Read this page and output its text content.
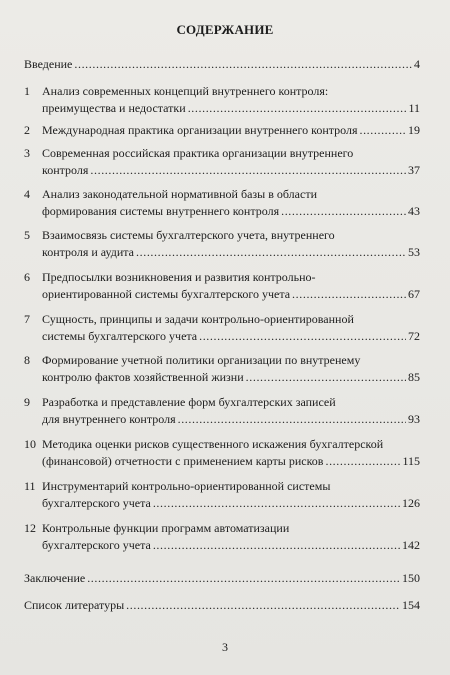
СОДЕРЖАНИЕ
Введение . . .	4
1 Анализ современных концепций внутреннего контроля:
преимущества и недостатки . . .	11
2 Международная практика организации внутреннего контроля . . .	19
3 Современная российская практика организации внутреннего
контроля . . .	37
4 Анализ законодательной нормативной базы в области
формирования системы внутреннего контроля . . .	43
5 Взаимосвязь системы бухгалтерского учета, внутреннего
контроля и аудита . . .	53
6 Предпосылки возникновения и развития контрольно-
ориентированной системы бухгалтерского учета . . .	67
7 Сущность, принципы и задачи контрольно-ориентированной
системы бухгалтерского учета . . .	72
8 Формирование учетной политики организации по внутренему
контролю фактов хозяйственной жизни . . .	85
9 Разработка и представление форм бухгалтерских записей
для внутреннего контроля . . .	93
10 Методика оценки рисков существенного искажения бухгалтерской
(финансовой) отчетности с применением карты рисков . . .	115
11 Инструментарий контрольно-ориентированной системы
бухгалтерского учета . . .	126
12 Контрольные функции программ автоматизации
бухгалтерского учета . . .	142
Заключение . . .	150
Список литературы . . .	154
3
